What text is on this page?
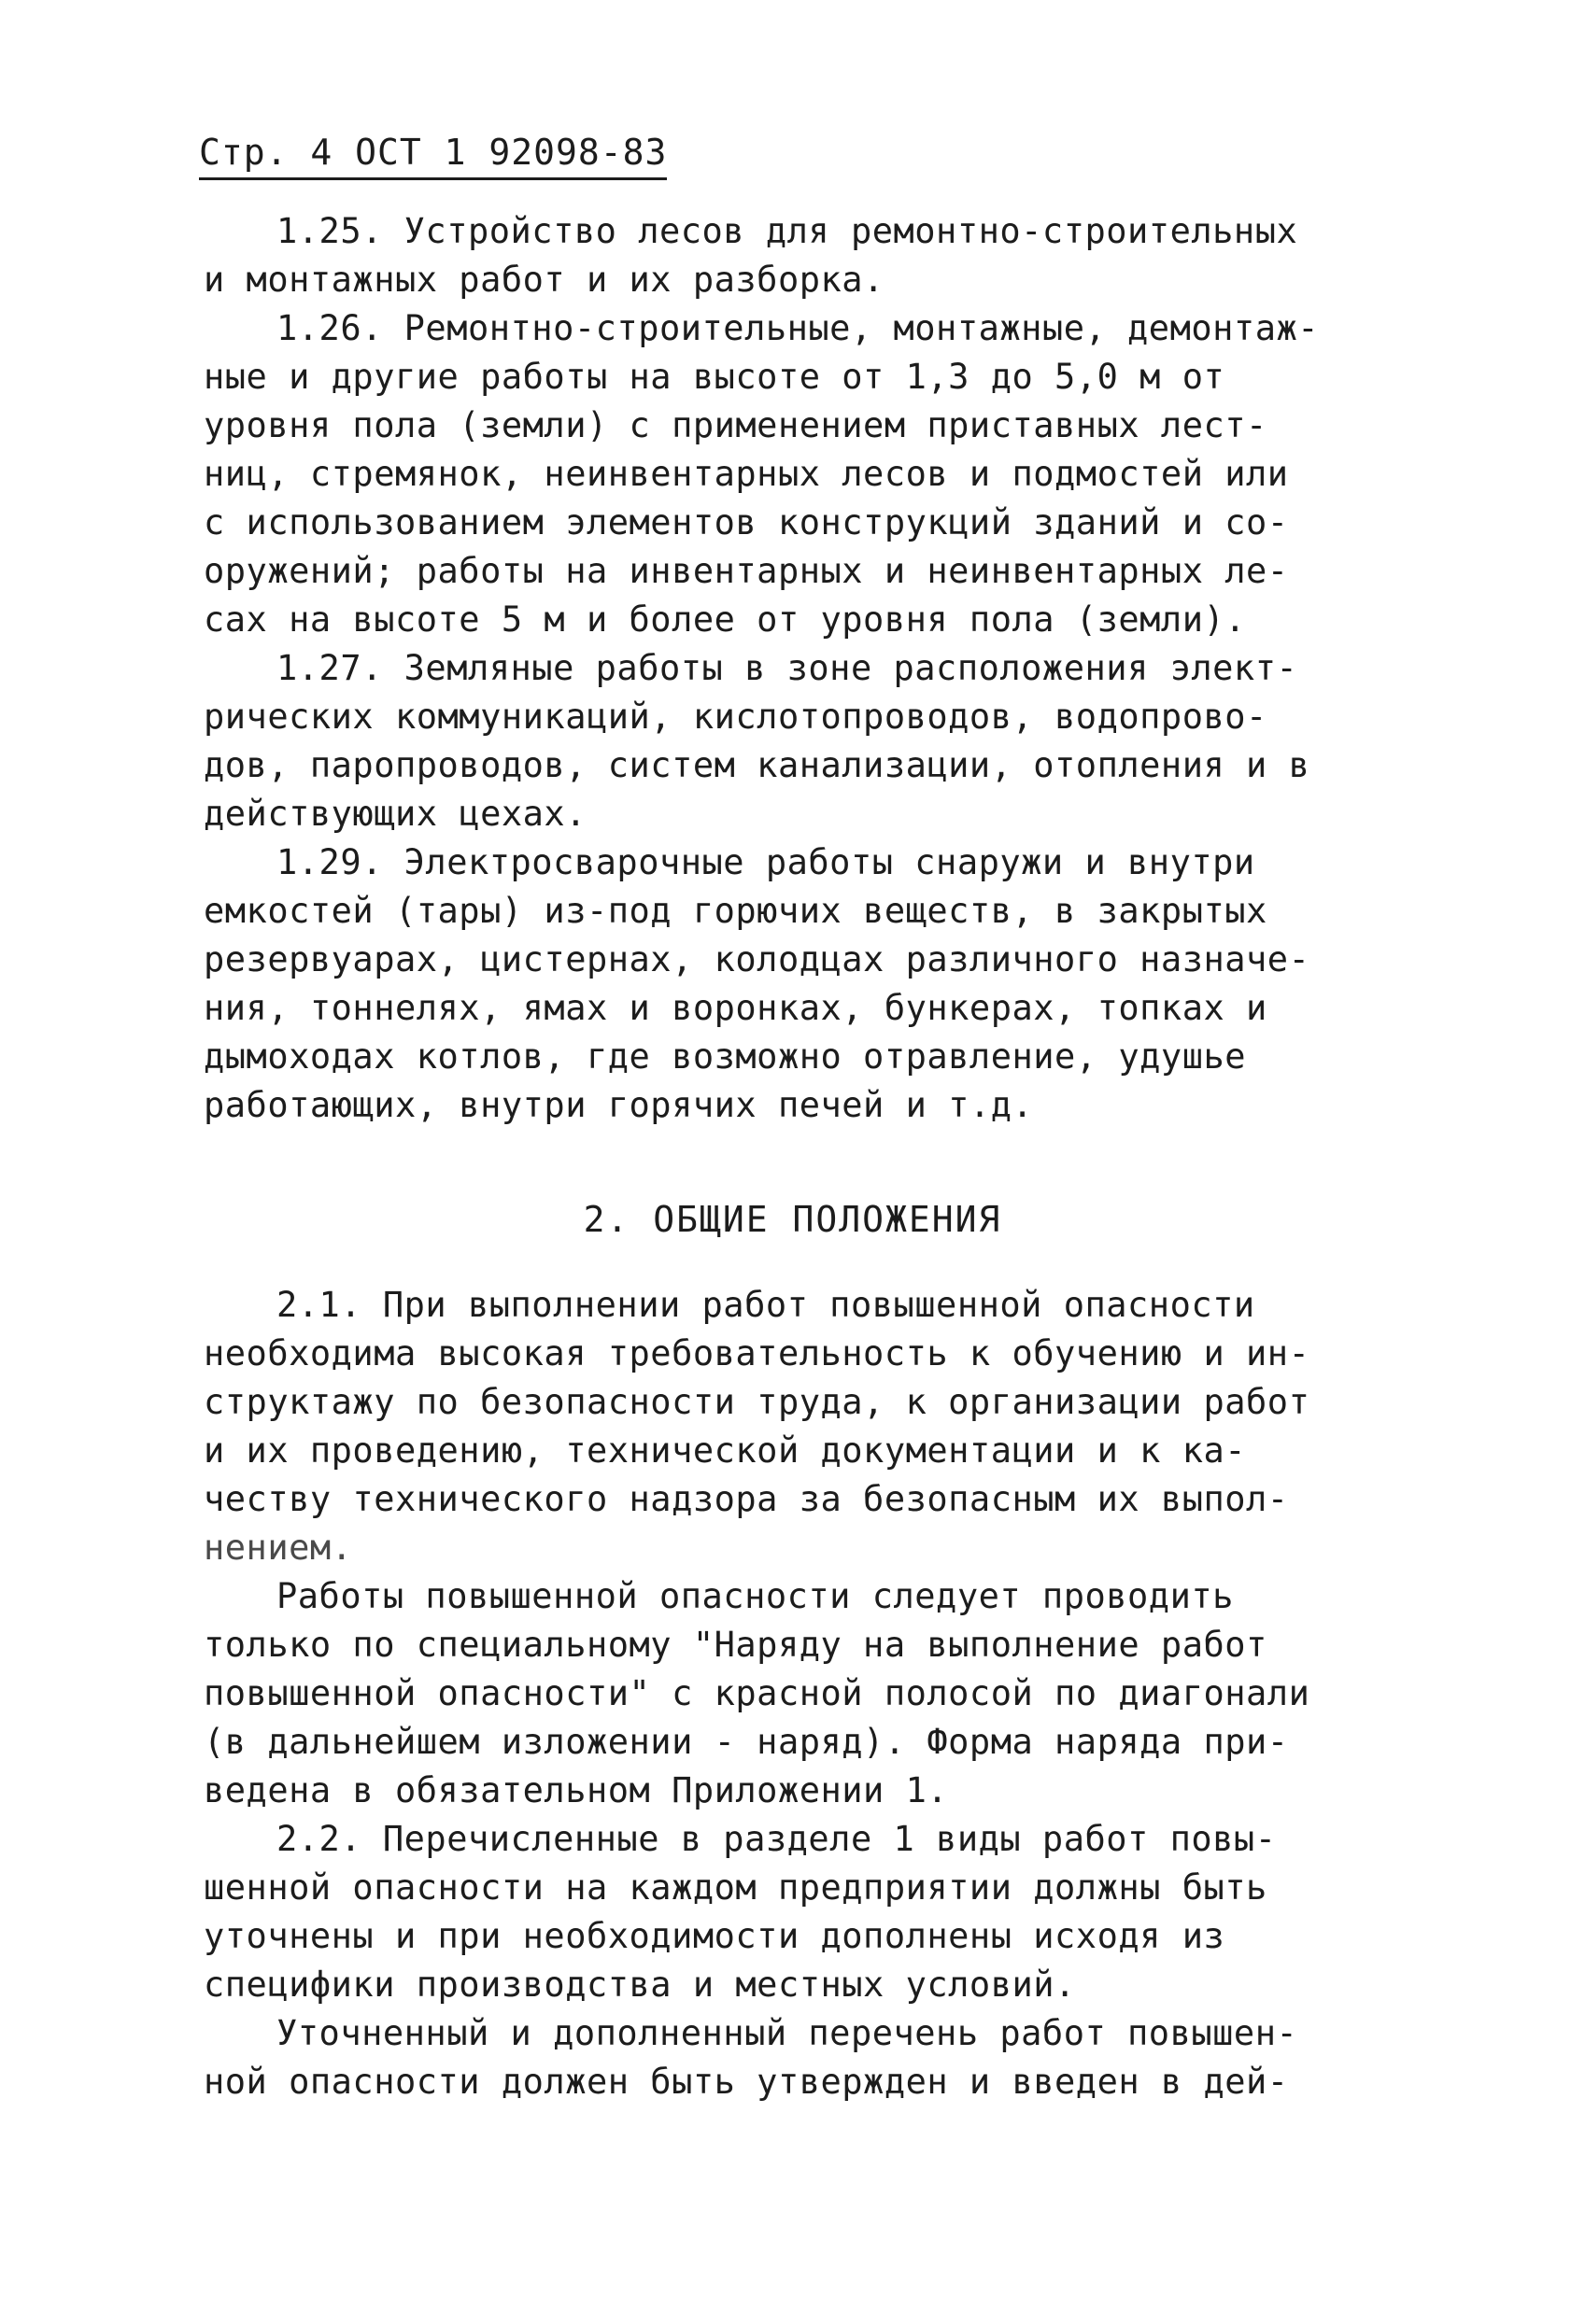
Стр. 4 ОСТ 1 92098-83
1.25. Устройство лесов для ремонтно-строительных
и монтажных работ и их разборка.
1.26. Ремонтно-строительные, монтажные, демонтаж-
ные и другие работы на высоте от 1,3 до 5,0 м от
уровня пола (земли) с применением приставных лест-
ниц, стремянок, неинвентарных лесов и подмостей или
с использованием элементов конструкций зданий и со-
оружений; работы на инвентарных и неинвентарных ле-
сах на высоте 5 м и более от уровня пола (земли).
1.27. Земляные работы в зоне расположения элект-
рических коммуникаций, кислотопроводов, водопрово-
дов, паропроводов, систем канализации, отопления и в
действующих цехах.
1.29. Электросварочные работы снаружи и внутри
емкостей (тары) из-под горючих веществ, в закрытых
резервуарах, цистернах, колодцах различного назначе-
ния, тоннелях, ямах и воронках, бункерах, топках и
дымоходах котлов, где возможно отравление, удушье
работающих, внутри горячих печей и т.д.
2. ОБЩИЕ ПОЛОЖЕНИЯ
2.1. При выполнении работ повышенной опасности
необходима высокая требовательность к обучению и ин-
структажу по безопасности труда, к организации работ
и их проведению, технической документации и к ка-
честву технического надзора за безопасным их выпол-
нением.
Работы повышенной опасности следует проводить
только по специальному "Наряду на выполнение работ
повышенной опасности" с красной полосой по диагонали
(в дальнейшем изложении - наряд). Форма наряда при-
ведена в обязательном Приложении 1.
2.2. Перечисленные в разделе 1 виды работ повы-
шенной опасности на каждом предприятии должны быть
уточнены и при необходимости дополнены исходя из
специфики производства и местных условий.
Уточненный и дополненный перечень работ повышен-
ной опасности должен быть утвержден и введен в дей-
